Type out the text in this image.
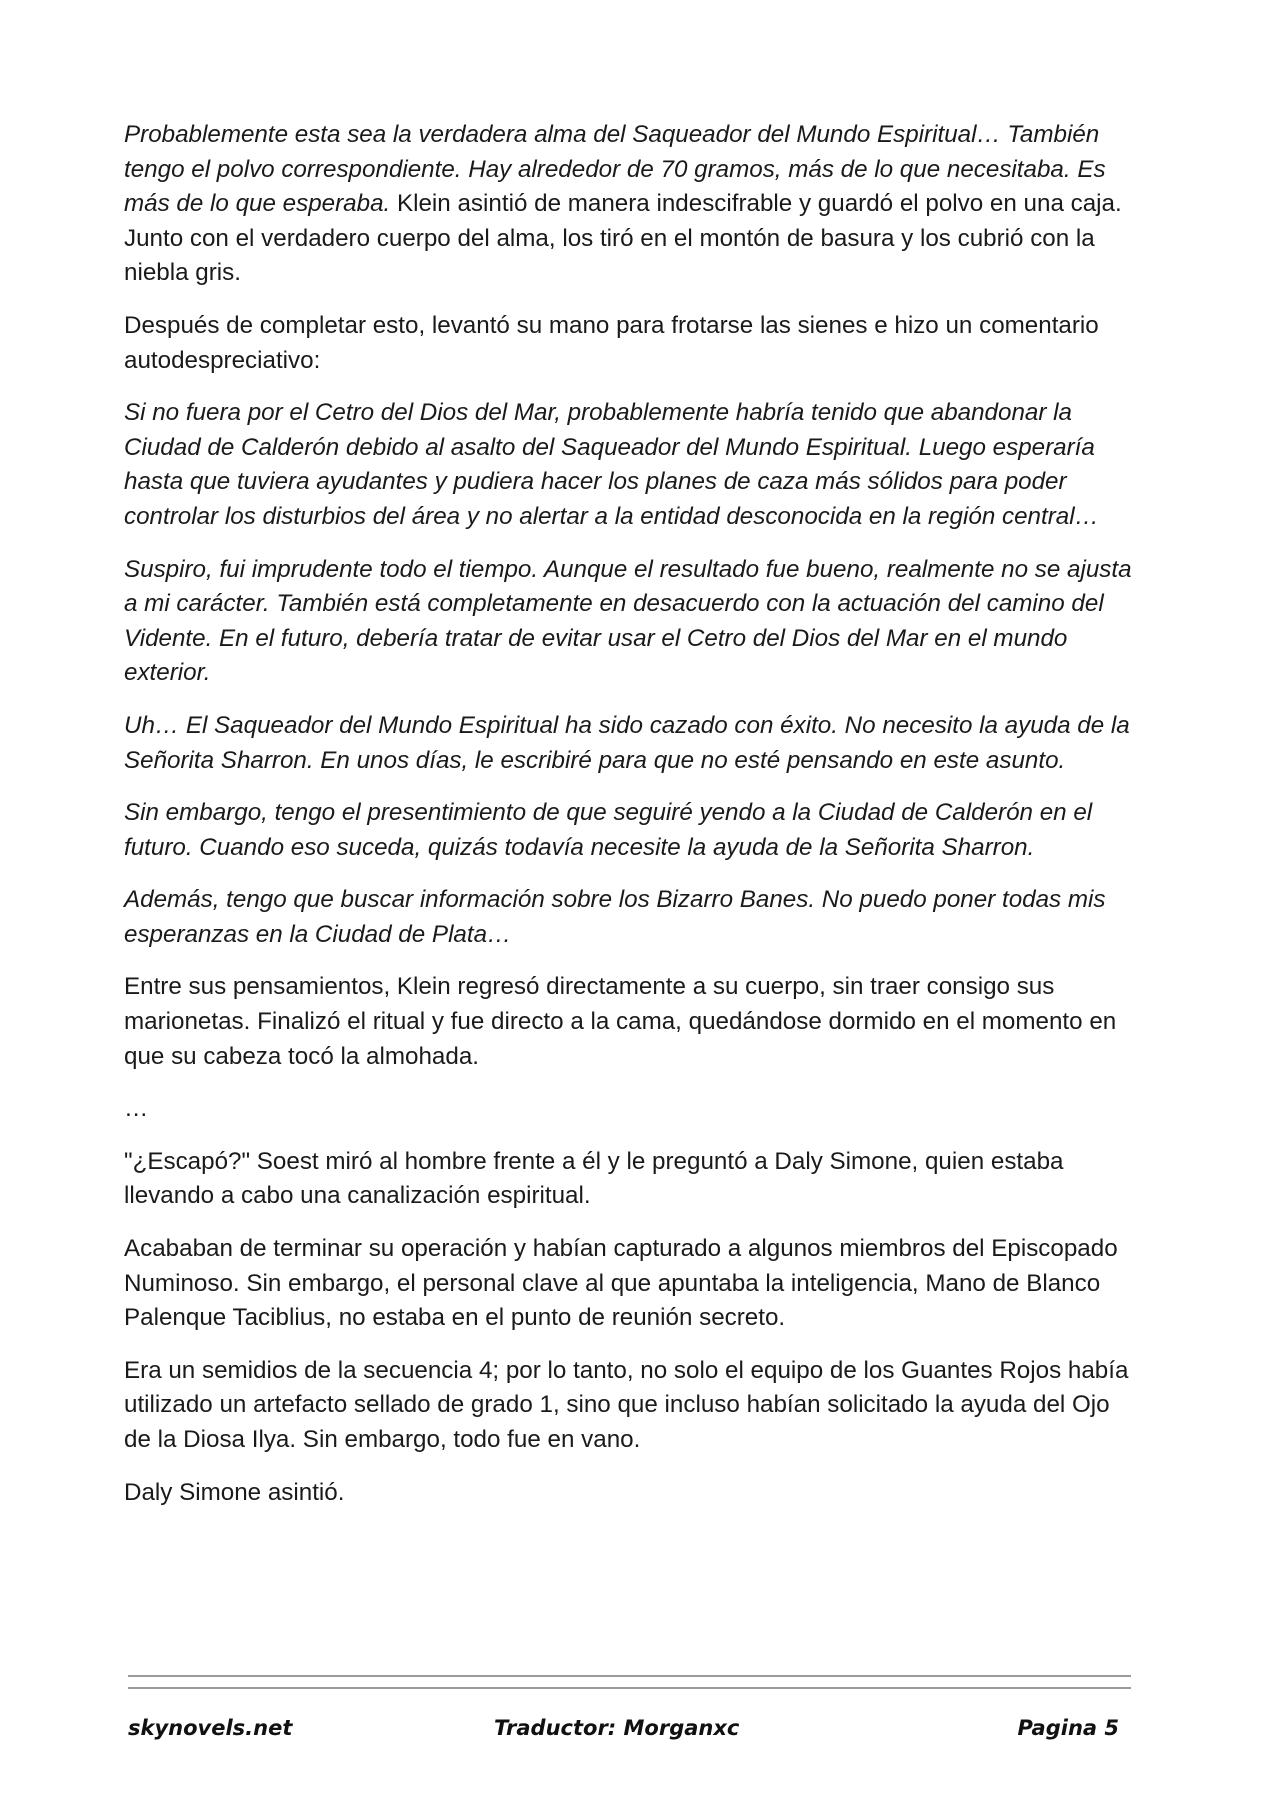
Probablemente esta sea la verdadera alma del Saqueador del Mundo Espiritual… También tengo el polvo correspondiente. Hay alrededor de 70 gramos, más de lo que necesitaba. Es más de lo que esperaba. Klein asintió de manera indescifrable y guardó el polvo en una caja. Junto con el verdadero cuerpo del alma, los tiró en el montón de basura y los cubrió con la niebla gris.

Después de completar esto, levantó su mano para frotarse las sienes e hizo un comentario autodespreciativo:

Si no fuera por el Cetro del Dios del Mar, probablemente habría tenido que abandonar la Ciudad de Calderón debido al asalto del Saqueador del Mundo Espiritual. Luego esperaría hasta que tuviera ayudantes y pudiera hacer los planes de caza más sólidos para poder controlar los disturbios del área y no alertar a la entidad desconocida en la región central…

Suspiro, fui imprudente todo el tiempo. Aunque el resultado fue bueno, realmente no se ajusta a mi carácter. También está completamente en desacuerdo con la actuación del camino del Vidente. En el futuro, debería tratar de evitar usar el Cetro del Dios del Mar en el mundo exterior.

Uh… El Saqueador del Mundo Espiritual ha sido cazado con éxito. No necesito la ayuda de la Señorita Sharron. En unos días, le escribiré para que no esté pensando en este asunto.

Sin embargo, tengo el presentimiento de que seguiré yendo a la Ciudad de Calderón en el futuro. Cuando eso suceda, quizás todavía necesite la ayuda de la Señorita Sharron.

Además, tengo que buscar información sobre los Bizarro Banes. No puedo poner todas mis esperanzas en la Ciudad de Plata…

Entre sus pensamientos, Klein regresó directamente a su cuerpo, sin traer consigo sus marionetas. Finalizó el ritual y fue directo a la cama, quedándose dormido en el momento en que su cabeza tocó la almohada.

…

"¿Escapó?" Soest miró al hombre frente a él y le preguntó a Daly Simone, quien estaba llevando a cabo una canalización espiritual.

Acababan de terminar su operación y habían capturado a algunos miembros del Episcopado Numinoso. Sin embargo, el personal clave al que apuntaba la inteligencia, Mano de Blanco Palenque Taciblius, no estaba en el punto de reunión secreto.

Era un semidios de la secuencia 4; por lo tanto, no solo el equipo de los Guantes Rojos había utilizado un artefacto sellado de grado 1, sino que incluso habían solicitado la ayuda del Ojo de la Diosa Ilya. Sin embargo, todo fue en vano.

Daly Simone asintió.

skynovels.net	Traductor: Morganxc	Pagina 5
